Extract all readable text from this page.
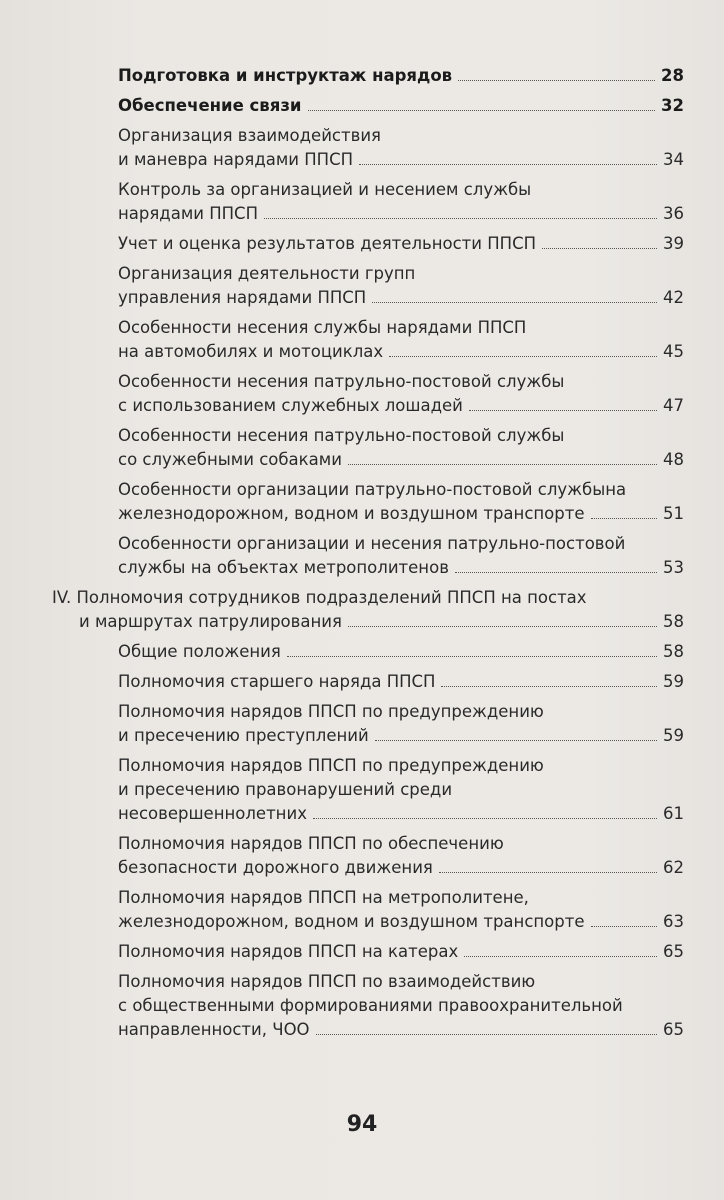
Подготовка и инструктаж нарядов	28
Обеспечение связи	32
Организация взаимодействия
и маневра нарядами ППСП	34
Контроль за организацией и несением службы
нарядами ППСП	36
Учет и оценка результатов деятельности ППСП	39
Организация деятельности групп
управления нарядами ППСП	42
Особенности несения службы нарядами ППСП
на автомобилях и мотоциклах	45
Особенности несения патрульно-постовой службы
с использованием служебных лошадей	47
Особенности несения патрульно-постовой службы
со служебными собаками	48
Особенности организации патрульно-постовой службына
железнодорожном, водном и воздушном транспорте	51
Особенности организации и несения патрульно-постовой
службы на объектах метрополитенов	53
IV. Полномочия сотрудников подразделений ППСП на постах
и маршрутах патрулирования	58
Общие положения	58
Полномочия старшего наряда ППСП	59
Полномочия нарядов ППСП по предупреждению
и пресечению преступлений	59
Полномочия нарядов ППСП по предупреждению
и пресечению правонарушений среди
несовершеннолетних	61
Полномочия нарядов ППСП по обеспечению
безопасности дорожного движения	62
Полномочия нарядов ППСП на метрополитене,
железнодорожном, водном и воздушном транспорте	63
Полномочия нарядов ППСП на катерах	65
Полномочия нарядов ППСП по взаимодействию
с общественными формированиями правоохранительной
направленности, ЧОО	65
94
